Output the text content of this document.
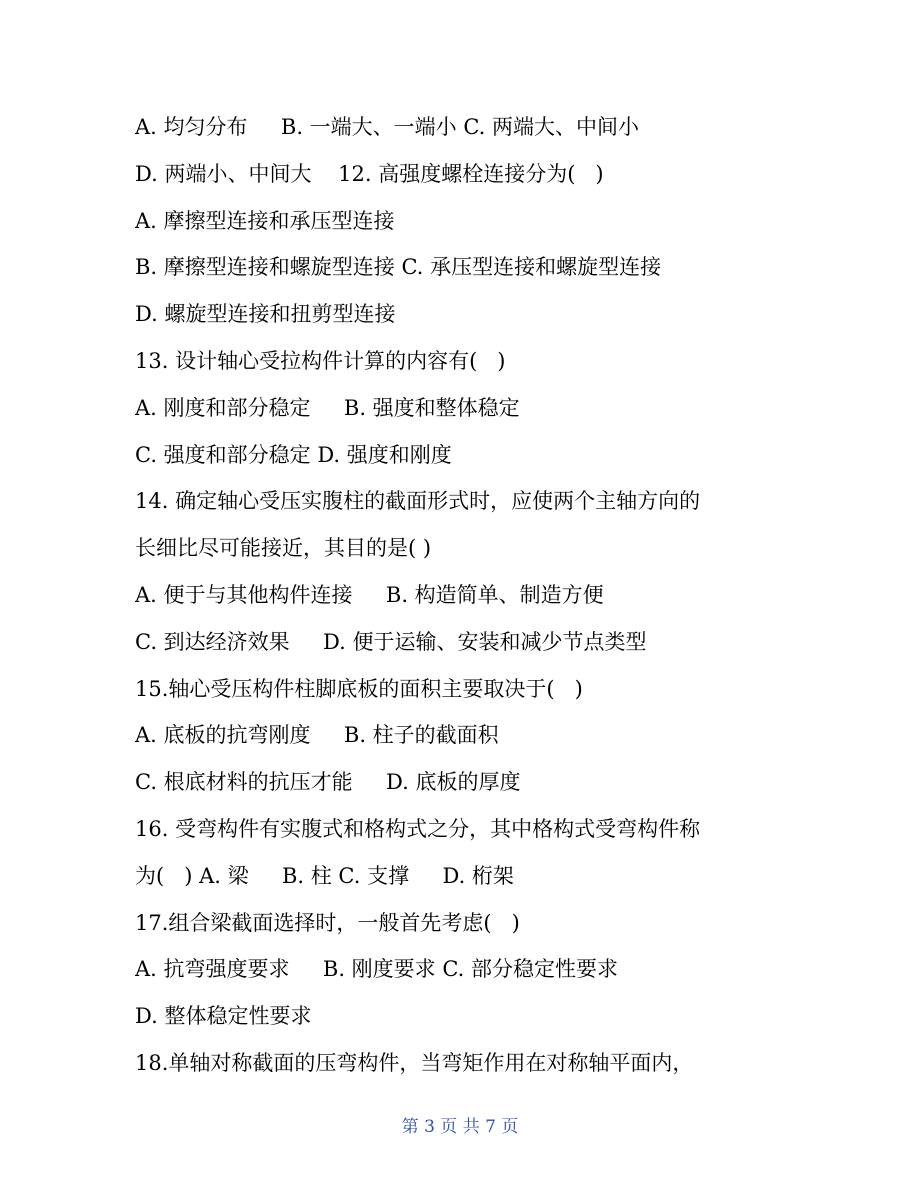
A. 均匀分布     B. 一端大、一端小 C. 两端大、中间小
D. 两端小、中间大    12. 高强度螺栓连接分为(   )
A. 摩擦型连接和承压型连接
B. 摩擦型连接和螺旋型连接 C. 承压型连接和螺旋型连接
D. 螺旋型连接和扭剪型连接
13. 设计轴心受拉构件计算的内容有(   )
A. 刚度和部分稳定     B. 强度和整体稳定
C. 强度和部分稳定 D. 强度和刚度
14. 确定轴心受压实腹柱的截面形式时，应使两个主轴方向的
长细比尽可能接近，其目的是( )
A. 便于与其他构件连接     B. 构造简单、制造方便
C. 到达经济效果     D. 便于运输、安装和减少节点类型
15.轴心受压构件柱脚底板的面积主要取决于(   )
A. 底板的抗弯刚度     B. 柱子的截面积
C. 根底材料的抗压才能     D. 底板的厚度
16. 受弯构件有实腹式和格构式之分，其中格构式受弯构件称
为(   ) A. 梁     B. 柱 C. 支撑     D. 桁架
17.组合梁截面选择时，一般首先考虑(   )
A. 抗弯强度要求     B. 刚度要求 C. 部分稳定性要求
D. 整体稳定性要求
18.单轴对称截面的压弯构件，当弯矩作用在对称轴平面内，
第 3 页 共 7 页
